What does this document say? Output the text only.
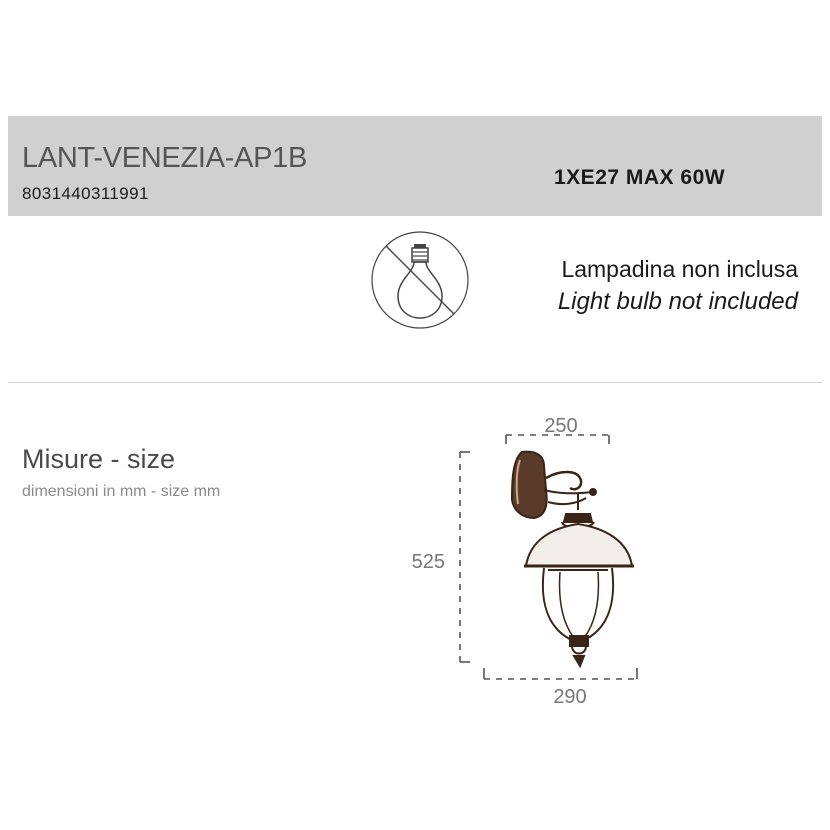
LANT-VENEZIA-AP1B
8031440311991
1XE27 MAX 60W
Lampadina non inclusa
Light bulb not included
Misure - size
dimensioni in mm - size mm
250
525
290
